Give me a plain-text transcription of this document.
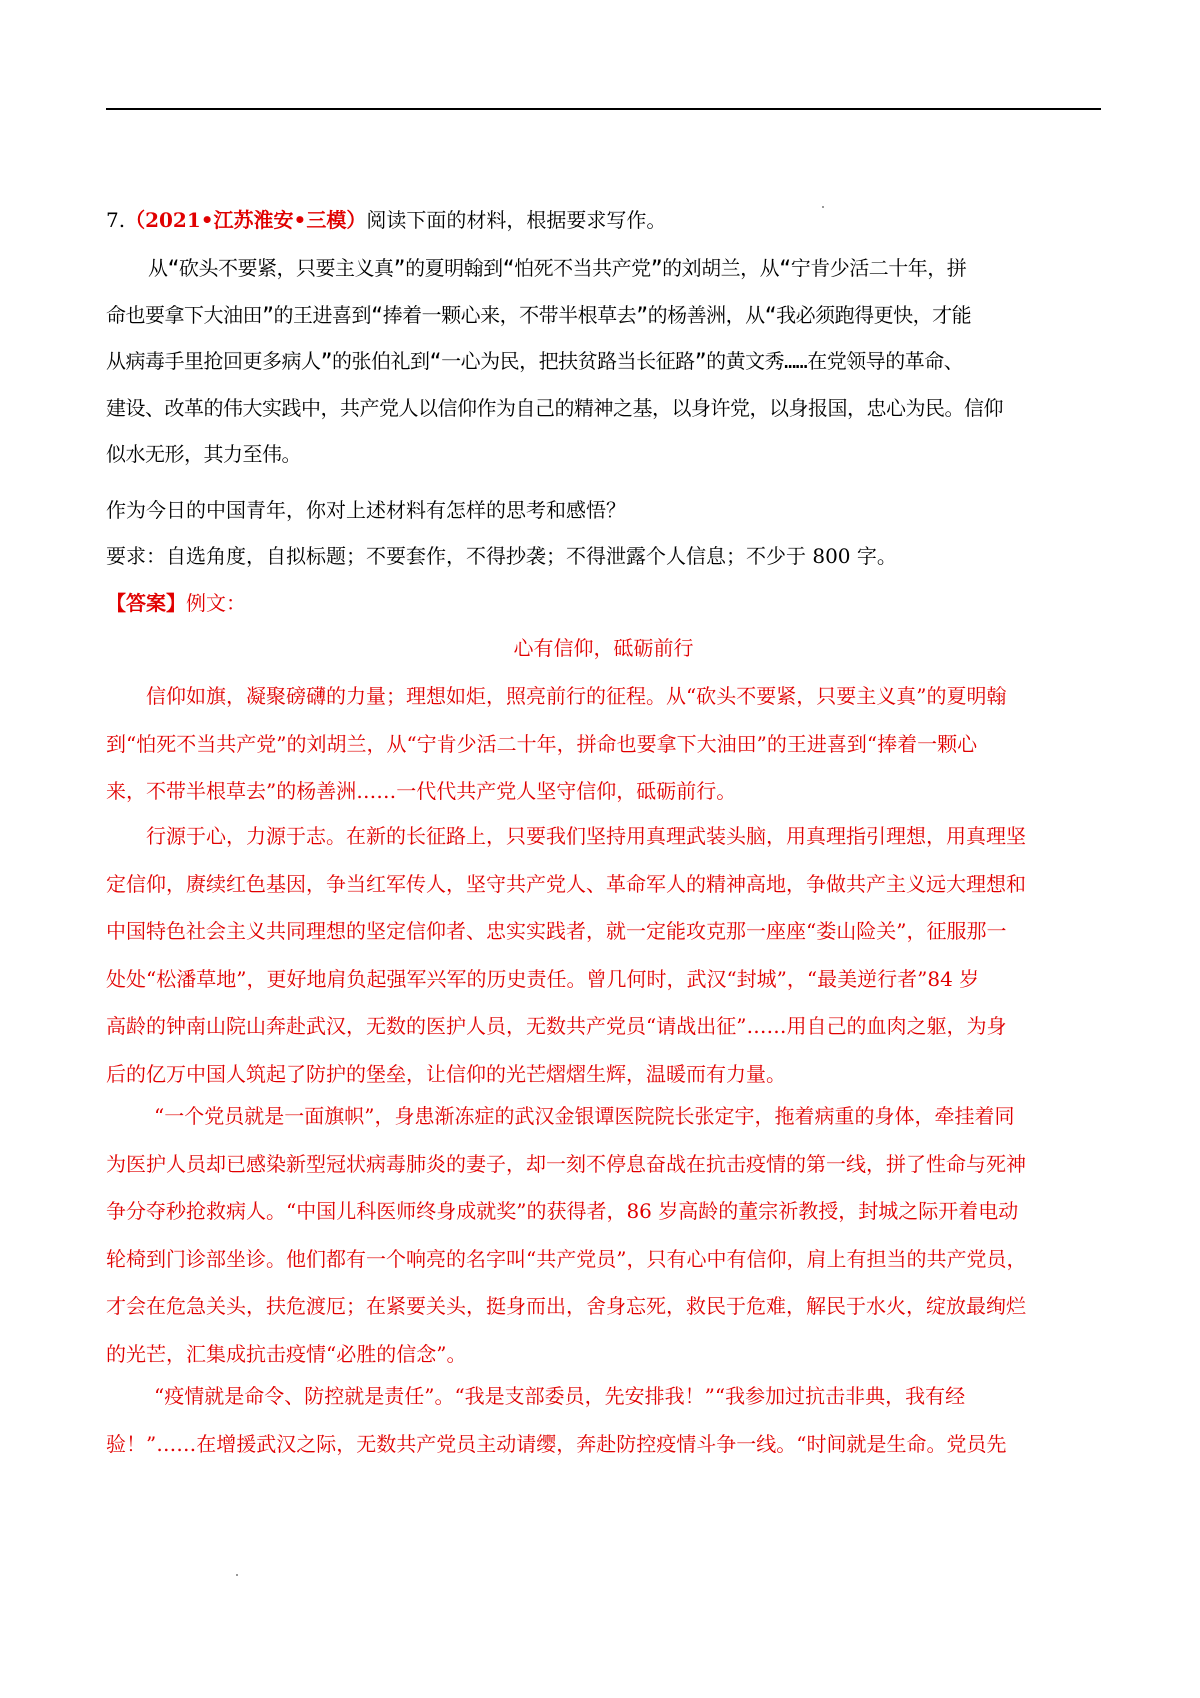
7.（2021•江苏淮安•三模）阅读下面的材料，根据要求写作。
从“砍头不要紧，只要主义真”的夏明翰到“怕死不当共产党”的刘胡兰，从“宁肯少活二十年，拼
命也要拿下大油田”的王进喜到“捧着一颗心来，不带半根草去”的杨善洲，从“我必须跑得更快，才能
从病毒手里抢回更多病人”的张伯礼到“一心为民，把扶贫路当长征路”的黄文秀……在党领导的革命、
建设、改革的伟大实践中，共产党人以信仰作为自己的精神之基，以身许党，以身报国，忠心为民。信仰
似水无形，其力至伟。
作为今日的中国青年，你对上述材料有怎样的思考和感悟？
要求：自选角度，自拟标题；不要套作，不得抄袭；不得泄露个人信息；不少于 800 字。
【答案】例文：
心有信仰，砥砺前行
信仰如旗，凝聚磅礴的力量；理想如炬，照亮前行的征程。从“砍头不要紧，只要主义真”的夏明翰
到“怕死不当共产党”的刘胡兰，从“宁肯少活二十年，拼命也要拿下大油田”的王进喜到“捧着一颗心
来，不带半根草去”的杨善洲……一代代共产党人坚守信仰，砥砺前行。
行源于心，力源于志。在新的长征路上，只要我们坚持用真理武装头脑，用真理指引理想，用真理坚
定信仰，赓续红色基因，争当红军传人，坚守共产党人、革命军人的精神高地，争做共产主义远大理想和
中国特色社会主义共同理想的坚定信仰者、忠实实践者，就一定能攻克那一座座“娄山险关”，征服那一
处处“松潘草地”，更好地肩负起强军兴军的历史责任。曾几何时，武汉“封城”，“最美逆行者”84 岁
高龄的钟南山院山奔赴武汉，无数的医护人员，无数共产党员“请战出征”……用自己的血肉之躯，为身
后的亿万中国人筑起了防护的堡垒，让信仰的光芒熠熠生辉，温暖而有力量。
“一个党员就是一面旗帜”，身患渐冻症的武汉金银谭医院院长张定宇，拖着病重的身体，牵挂着同
为医护人员却已感染新型冠状病毒肺炎的妻子，却一刻不停息奋战在抗击疫情的第一线，拼了性命与死神
争分夺秒抢救病人。“中国儿科医师终身成就奖”的获得者，86 岁高龄的董宗祈教授，封城之际开着电动
轮椅到门诊部坐诊。他们都有一个响亮的名字叫“共产党员”，只有心中有信仰，肩上有担当的共产党员，
才会在危急关头，扶危渡厄；在紧要关头，挺身而出，舍身忘死，救民于危难，解民于水火，绽放最绚烂
的光芒，汇集成抗击疫情“必胜的信念”。
“疫情就是命令、防控就是责任”。“我是支部委员，先安排我！”“我参加过抗击非典，我有经
验！”……在增援武汉之际，无数共产党员主动请缨，奔赴防控疫情斗争一线。“时间就是生命。党员先
